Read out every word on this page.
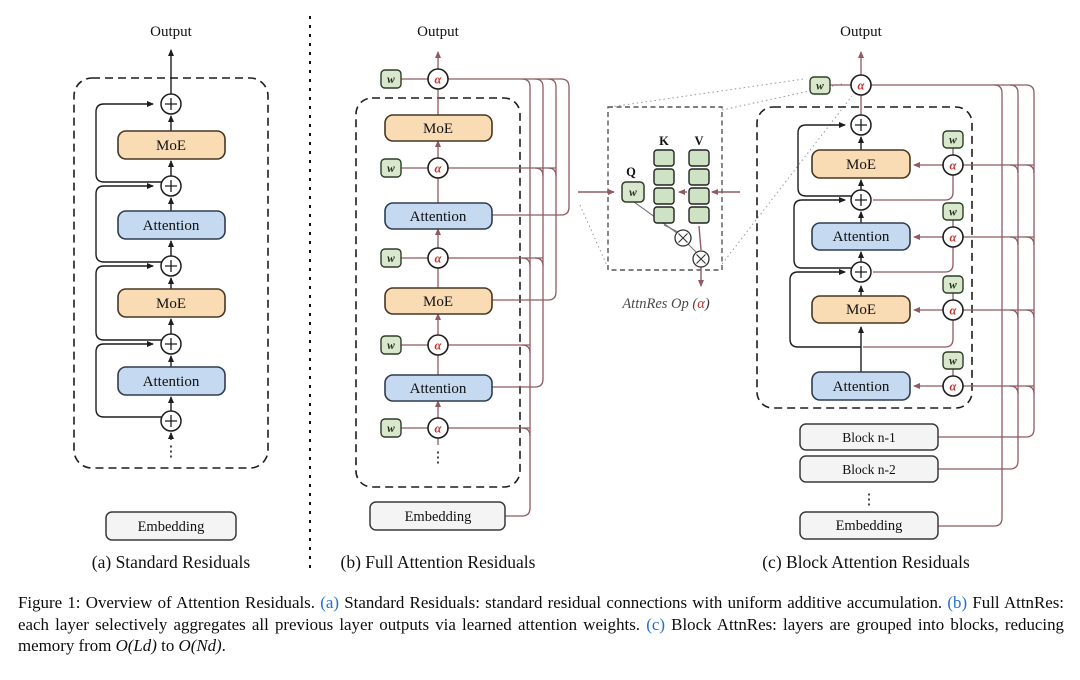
Output
MoE
Attention
MoE
Attention
⋮
Embedding
(a) Standard Residuals
Output
MoE
Attention
MoE
Attention
⋮
w	α
w	α
w	α
w	α
w	α
Embedding
(b) Full Attention Residuals
Q
K V
w
AttnRes Op (α)
Output
MoE
Attention
MoE
Attention
w	α
w
α
w
α
w
α
w
α
Block n-1
Block n-2
⋮
Embedding
(c) Block Attention Residuals
Figure 1: Overview of Attention Residuals. (a) Standard Residuals: standard residual connections with uniform additive accumulation. (b) Full AttnRes: each layer selectively aggregates all previous layer outputs via learned attention weights. (c) Block AttnRes: layers are grouped into blocks, reducing memory from O(Ld) to O(Nd).
